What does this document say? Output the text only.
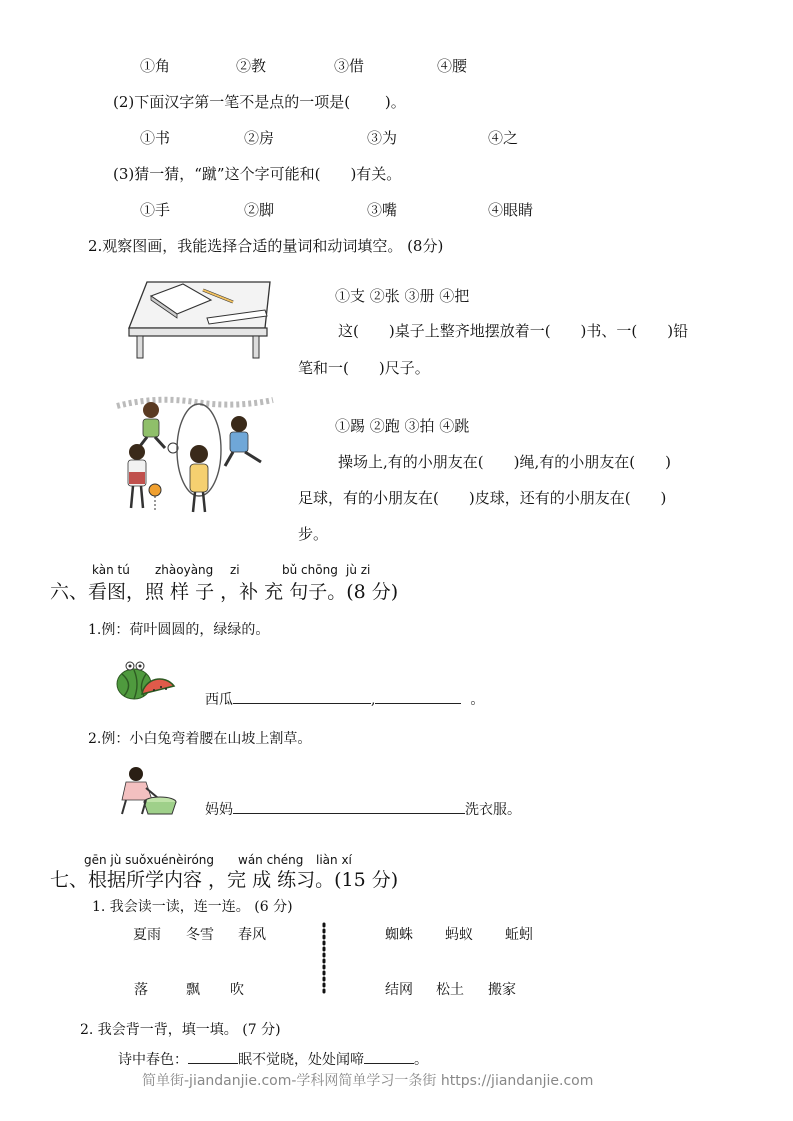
①角	②教	③借	④腰
(2)下面汉字第一笔不是点的一项是(　　 )。
①书	②房	③为	④之
(3)猜一猜，“蹴”这个字可能和(　　)有关。
①手	②脚	③嘴	④眼睛
2.观察图画，我能选择合适的量词和动词填空。 (8分)
①支 ②张 ③册 ④把
这(　　)桌子上整齐地摆放着一(　　)书、一(　　)铅
笔和一(　　)尺子。
①踢 ②跑 ③拍 ④跳
操场上,有的小朋友在(　　)绳,有的小朋友在(　　)
足球，有的小朋友在(　　)皮球，还有的小朋友在(　　)
步。
kàn tú zhàoyàng zi	bǔ chōng jù zi
六、看图，照 样 子 ，补 充 句子。(8 分)
1.例：荷叶圆圆的，绿绿的。
西瓜	,	。
2.例：小白兔弯着腰在山坡上割草。
妈妈	洗衣服。
gēn jù suǒxuénèiróng wán chéng liàn xí
七、根据所学内容 ，完 成 练习。(15 分)
1. 我会读一读，连一连。 (6 分)
夏雨 冬雪 春风	蜘蛛 蚂蚁 蚯蚓
落	飘 吹	结网 松土 搬家
2. 我会背一背，填一填。 (7 分)
诗中春色：	眠不觉晓，处处闻啼	。
简单街-jiandanjie.com-学科网简单学习一条街 https://jiandanjie.com
